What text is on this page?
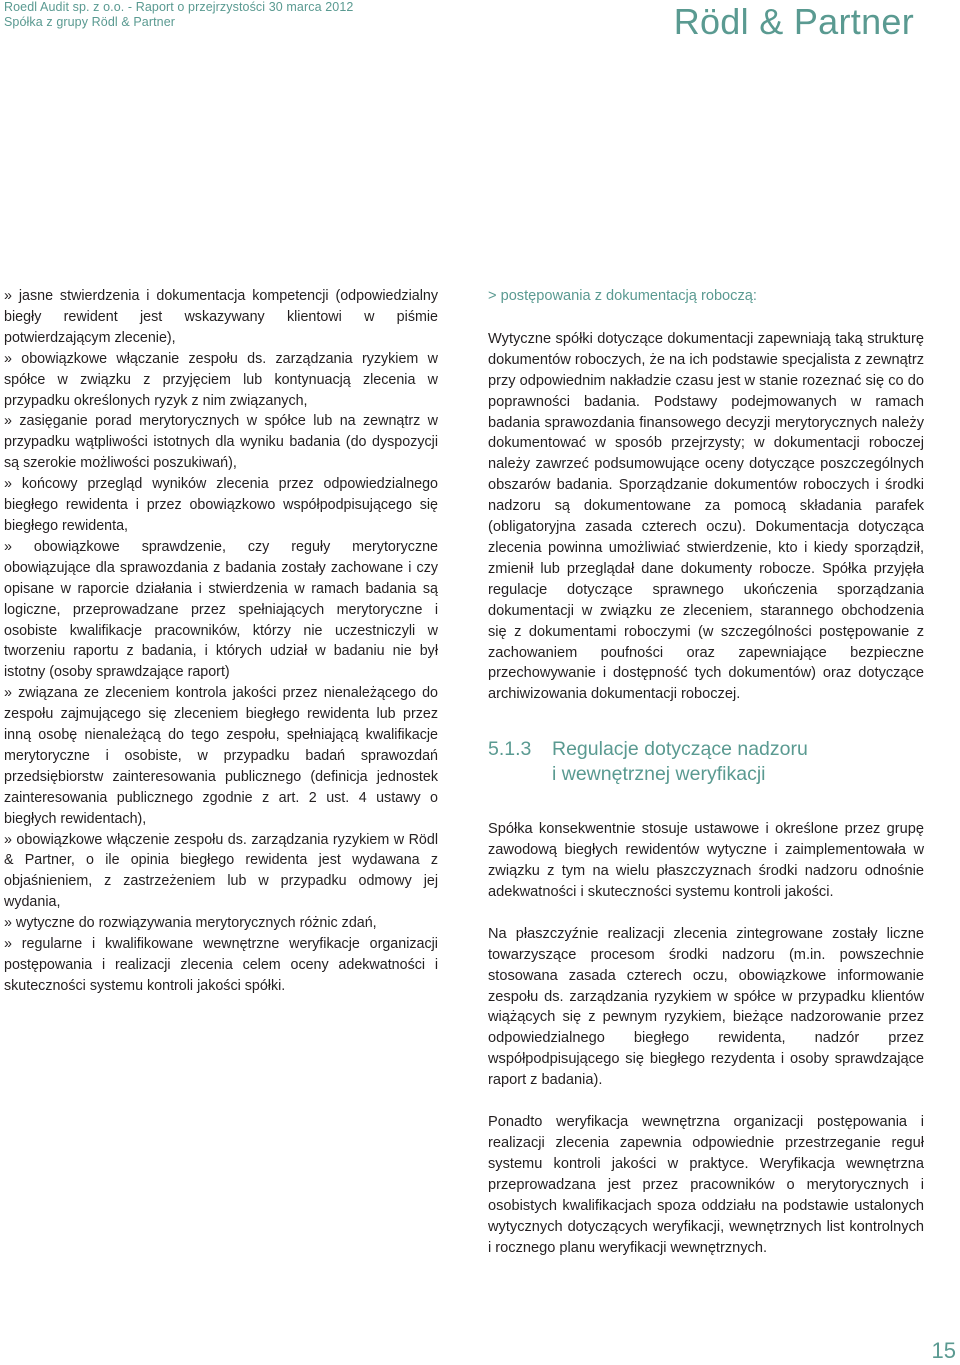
Roedl Audit sp. z o.o. - Raport o przejrzystości 30 marca 2012
Spółka z grupy Rödl & Partner	Rödl & Partner

» jasne stwierdzenia i dokumentacja kompetencji (odpowiedzialny biegły rewident jest wskazywany klientowi w piśmie potwierdzającym zlecenie),

» obowiązkowe włączanie zespołu ds. zarządzania ryzykiem w spółce w związku z przyjęciem lub kontynuacją zlecenia w przypadku określonych ryzyk z nim związanych,

» zasięganie porad merytorycznych w spółce lub na zewnątrz w przypadku wątpliwości istotnych dla wyniku badania (do dyspozycji są szerokie możliwości poszukiwań),

» końcowy przegląd wyników zlecenia przez odpowiedzialnego biegłego rewidenta i przez obowiązkowo współpodpisującego się biegłego rewidenta,

» obowiązkowe sprawdzenie, czy reguły merytoryczne obowiązujące dla sprawozdania z badania zostały zachowane i czy opisane w raporcie działania i stwierdzenia w ramach badania są logiczne, przeprowadzane przez spełniających merytoryczne i osobiste kwalifikacje pracowników, którzy nie uczestniczyli w tworzeniu raportu z badania, i których udział w badaniu nie był istotny (osoby sprawdzające raport)

» związana ze zleceniem kontrola jakości przez nienależącego do zespołu zajmującego się zleceniem biegłego rewidenta lub przez inną osobę nienależącą do tego zespołu, spełniającą kwalifikacje merytoryczne i osobiste, w przypadku badań sprawozdań przedsiębiorstw zainteresowania publicznego (definicja jednostek zainteresowania publicznego zgodnie z art. 2 ust. 4 ustawy o biegłych rewidentach),

» obowiązkowe włączenie zespołu ds. zarządzania ryzykiem w Rödl & Partner, o ile opinia biegłego rewidenta jest wydawana z objaśnieniem, z zastrzeżeniem lub w przypadku odmowy jej wydania,

» wytyczne do rozwiązywania merytorycznych różnic zdań,

» regularne i kwalifikowane wewnętrzne weryfikacje organizacji postępowania i realizacji zlecenia celem oceny adekwatności i skuteczności systemu kontroli jakości spółki.

> postępowania z dokumentacją roboczą:

Wytyczne spółki dotyczące dokumentacji zapewniają taką strukturę dokumentów roboczych, że na ich podstawie specjalista z zewnątrz przy odpowiednim nakładzie czasu jest w stanie rozeznać się co do poprawności badania. Podstawy podejmowanych w ramach badania sprawozdania finansowego decyzji merytorycznych należy dokumentować w sposób przejrzysty; w dokumentacji roboczej należy zawrzeć podsumowujące oceny dotyczące poszczególnych obszarów badania. Sporządzanie dokumentów roboczych i środki nadzoru są dokumentowane za pomocą składania parafek (obligatoryjna zasada czterech oczu). Dokumentacja dotycząca zlecenia powinna umożliwiać stwierdzenie, kto i kiedy sporządził, zmienił lub przeglądał dane dokumenty robocze. Spółka przyjęła regulacje dotyczące sprawnego ukończenia sporządzania dokumentacji w związku ze zleceniem, starannego obchodzenia się z dokumentami roboczymi (w szczególności postępowanie z zachowaniem poufności oraz zapewniające bezpieczne przechowywanie i dostępność tych dokumentów) oraz dotyczące archiwizowania dokumentacji roboczej.

5.1.3	Regulacje dotyczące nadzoru
i wewnętrznej weryfikacji

Spółka konsekwentnie stosuje ustawowe i określone przez grupę zawodową biegłych rewidentów wytyczne i zaimplementowała w związku z tym na wielu płaszczyznach środki nadzoru odnośnie adekwatności i skuteczności systemu kontroli jakości.

Na płaszczyźnie realizacji zlecenia zintegrowane zostały liczne towarzyszące procesom środki nadzoru (m.in. powszechnie stosowana zasada czterech oczu, obowiązkowe informowanie zespołu ds. zarządzania ryzykiem w spółce w przypadku klientów wiążących się z pewnym ryzykiem, bieżące nadzorowanie przez odpowiedzialnego biegłego rewidenta, nadzór przez współpodpisującego się biegłego rezydenta i osoby sprawdzające raport z badania).

Ponadto weryfikacja wewnętrzna organizacji postępowania i realizacji zlecenia zapewnia odpowiednie przestrzeganie reguł systemu kontroli jakości w praktyce. Weryfikacja wewnętrzna przeprowadzana jest przez pracowników o merytorycznych i osobistych kwalifikacjach spoza oddziału na podstawie ustalonych wytycznych dotyczących weryfikacji, wewnętrznych list kontrolnych i rocznego planu weryfikacji wewnętrznych.

15
